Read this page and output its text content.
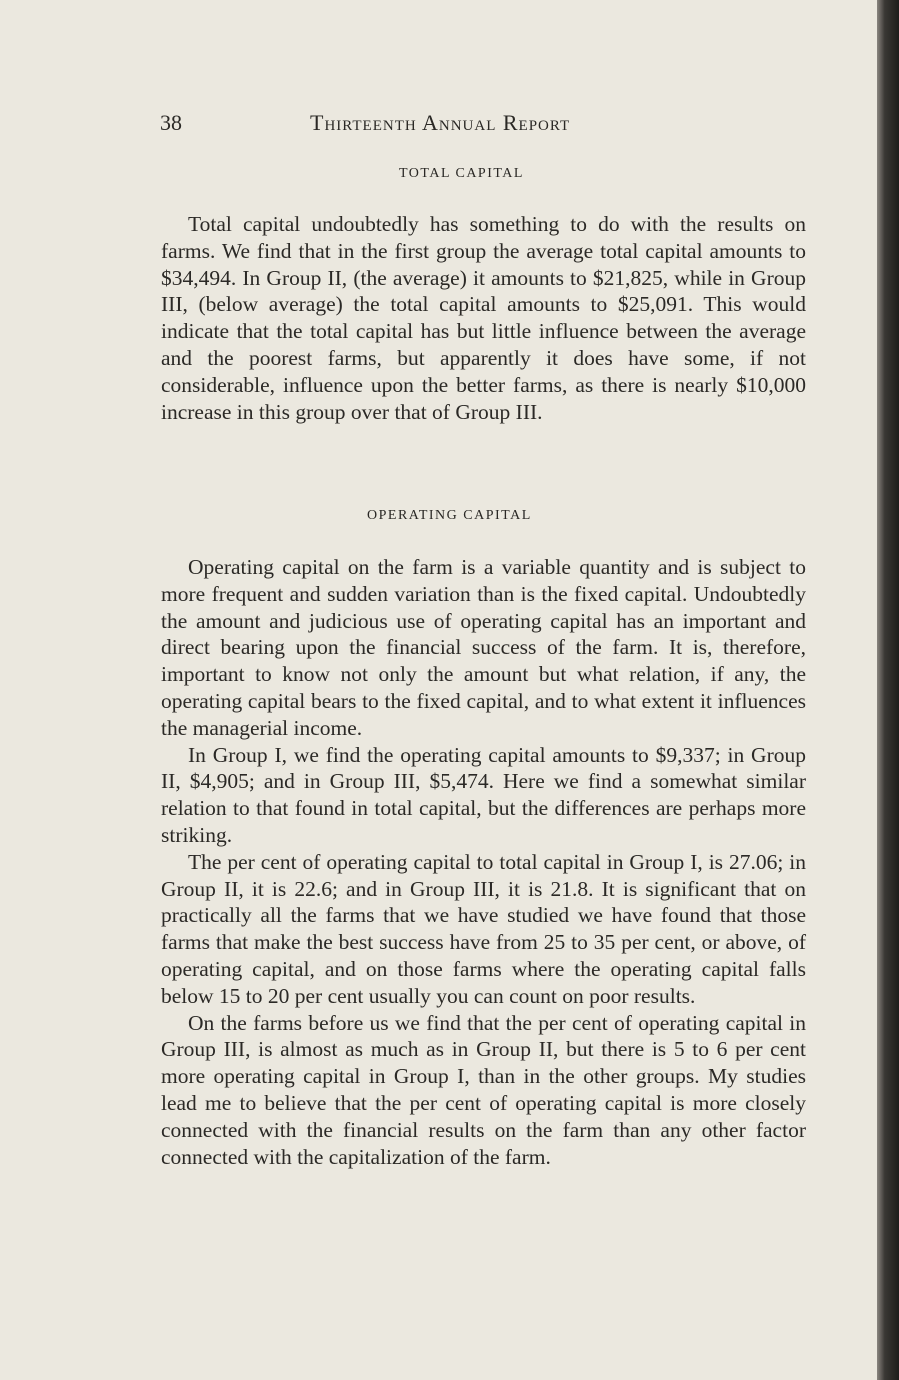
38	Thirteenth Annual Report
TOTAL CAPITAL

Total capital undoubtedly has something to do with the results on farms. We find that in the first group the average total capital amounts to $34,494. In Group II, (the average) it amounts to $21,825, while in Group III, (below average) the total capital amounts to $25,091. This would indicate that the total capital has but little influence between the average and the poorest farms, but apparently it does have some, if not considerable, influence upon the better farms, as there is nearly $10,000 increase in this group over that of Group III.

OPERATING CAPITAL

Operating capital on the farm is a variable quantity and is subject to more frequent and sudden variation than is the fixed capital. Undoubtedly the amount and judicious use of operating capital has an important and direct bearing upon the financial success of the farm. It is, therefore, important to know not only the amount but what relation, if any, the operating capital bears to the fixed capital, and to what extent it influences the managerial income.

In Group I, we find the operating capital amounts to $9,337; in Group II, $4,905; and in Group III, $5,474. Here we find a somewhat similar relation to that found in total capital, but the differences are perhaps more striking.

The per cent of operating capital to total capital in Group I, is 27.06; in Group II, it is 22.6; and in Group III, it is 21.8. It is significant that on practically all the farms that we have studied we have found that those farms that make the best success have from 25 to 35 per cent, or above, of operating capital, and on those farms where the operating capital falls below 15 to 20 per cent usually you can count on poor results.

On the farms before us we find that the per cent of operating capital in Group III, is almost as much as in Group II, but there is 5 to 6 per cent more operating capital in Group I, than in the other groups. My studies lead me to believe that the per cent of operating capital is more closely connected with the financial results on the farm than any other factor connected with the capitalization of the farm.
